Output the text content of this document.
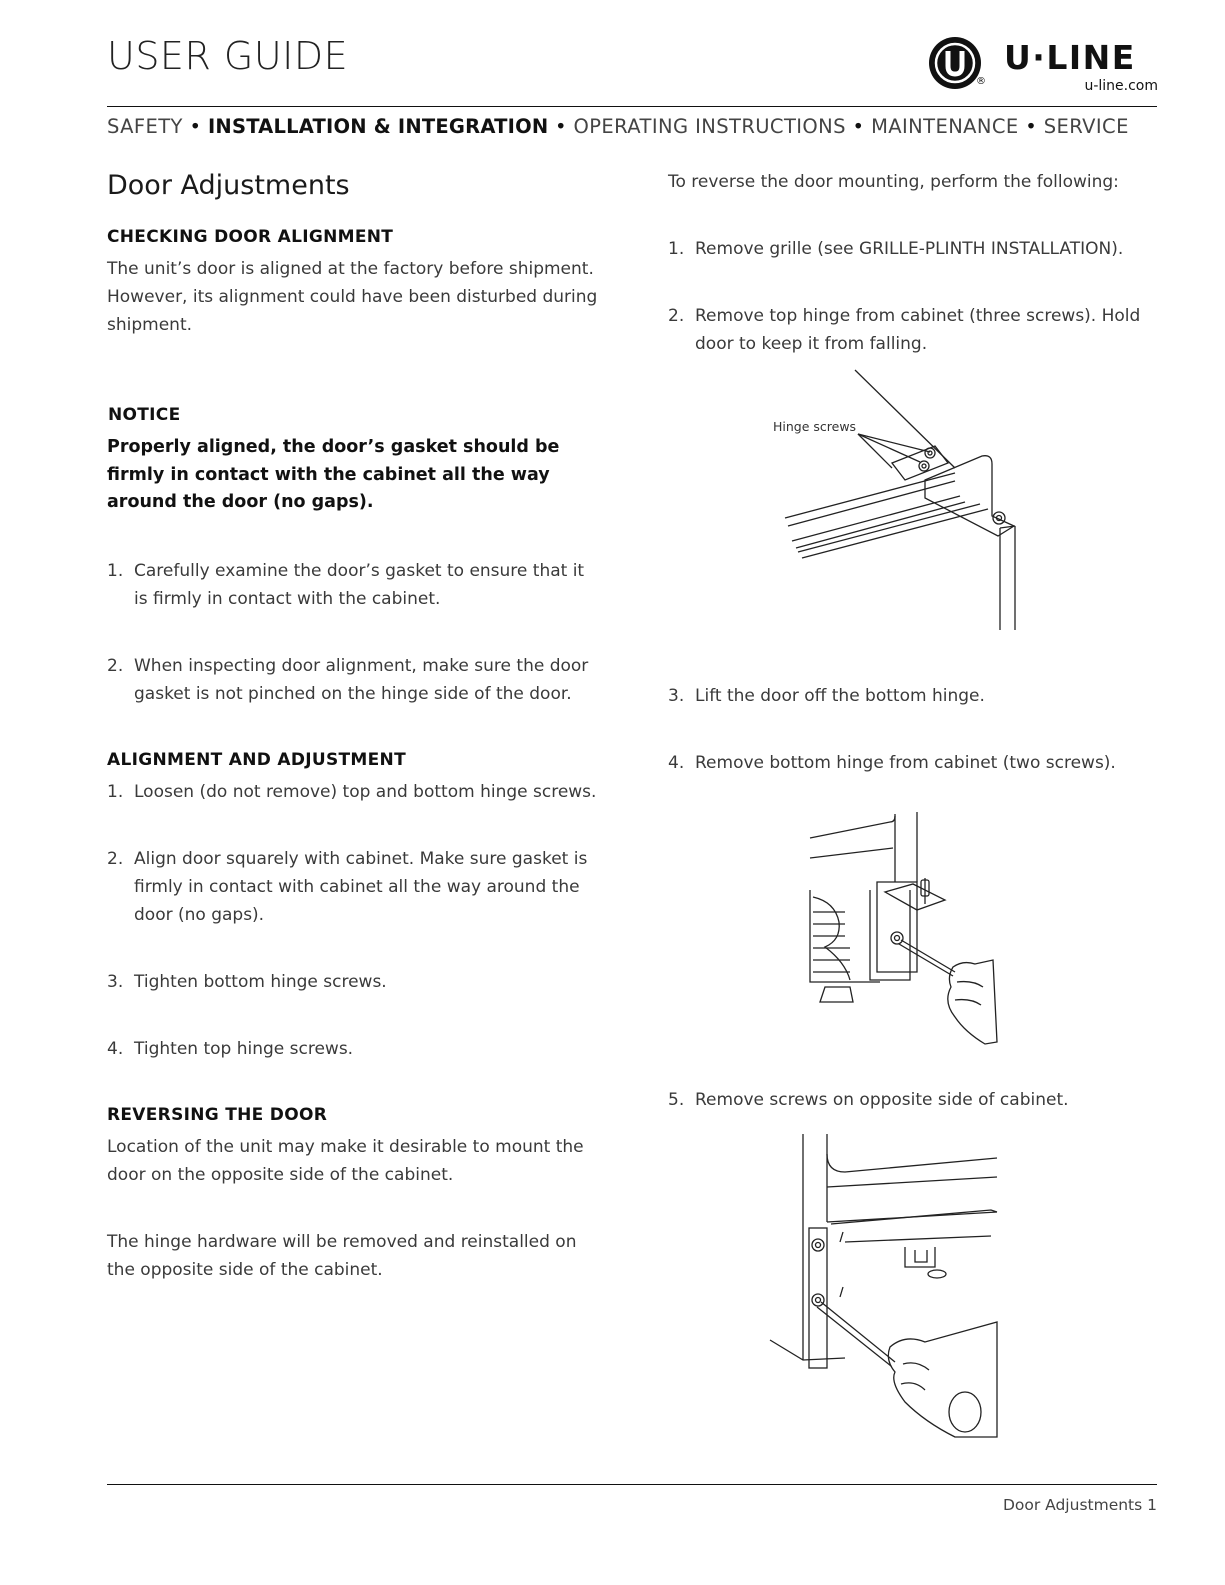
USER GUIDE
®
U·LINE
u-line.com
SAFETY • INSTALLATION & INTEGRATION • OPERATING INSTRUCTIONS • MAINTENANCE • SERVICE
Door Adjustments
CHECKING DOOR ALIGNMENT

The unit’s door is aligned at the factory before shipment. However, its alignment could have been disturbed during shipment.

NOTICE

Properly aligned, the door’s gasket should be firmly in contact with the cabinet all the way around the door (no gaps).

1. Carefully examine the door’s gasket to ensure that it is firmly in contact with the cabinet.
2. When inspecting door alignment, make sure the door gasket is not pinched on the hinge side of the door.
ALIGNMENT AND ADJUSTMENT
1. Loosen (do not remove) top and bottom hinge screws.
2. Align door squarely with cabinet. Make sure gasket is firmly in contact with cabinet all the way around the door (no gaps).
3. Tighten bottom hinge screws.
4. Tighten top hinge screws.
REVERSING THE DOOR

Location of the unit may make it desirable to mount the door on the opposite side of the cabinet.

The hinge hardware will be removed and reinstalled on the opposite side of the cabinet.

To reverse the door mounting, perform the following:

1. Remove grille (see GRILLE-PLINTH INSTALLATION).
2. Remove top hinge from cabinet (three screws). Hold door to keep it from falling.
3. Lift the door off the bottom hinge.
4. Remove bottom hinge from cabinet (two screws).
5. Remove screws on opposite side of cabinet.
Hinge screws
Door Adjustments 1
